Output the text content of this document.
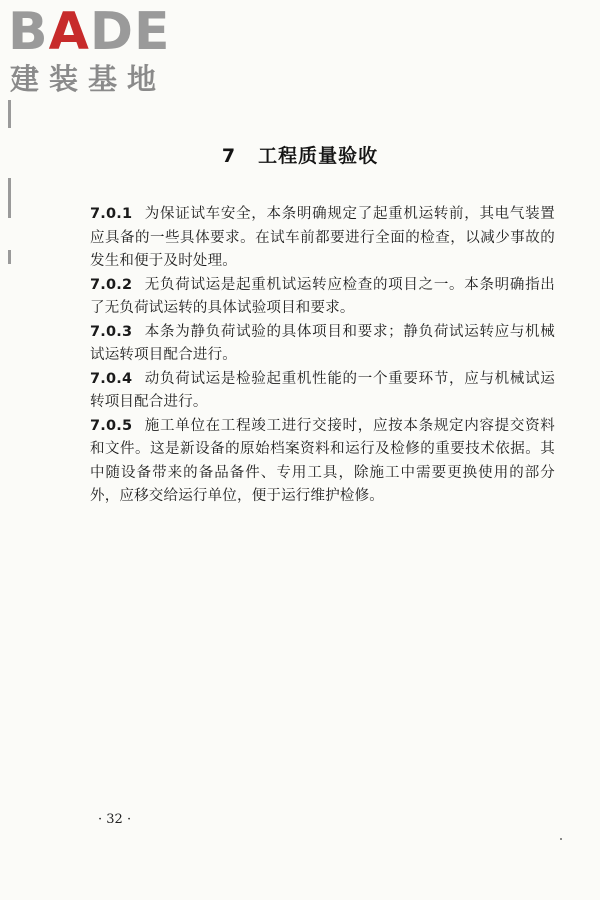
BADE
建装基地
7 工程质量验收

7.0.1 为保证试车安全，本条明确规定了起重机运转前，其电气装置应具备的一些具体要求。在试车前都要进行全面的检查，以减少事故的发生和便于及时处理。

7.0.2 无负荷试运是起重机试运转应检查的项目之一。本条明确指出了无负荷试运转的具体试验项目和要求。

7.0.3 本条为静负荷试验的具体项目和要求；静负荷试运转应与机械试运转项目配合进行。

7.0.4 动负荷试运是检验起重机性能的一个重要环节，应与机械试运转项目配合进行。

7.0.5 施工单位在工程竣工进行交接时，应按本条规定内容提交资料和文件。这是新设备的原始档案资料和运行及检修的重要技术依据。其中随设备带来的备品备件、专用工具，除施工中需要更换使用的部分外，应移交给运行单位，便于运行维护检修。

· 32 ·
